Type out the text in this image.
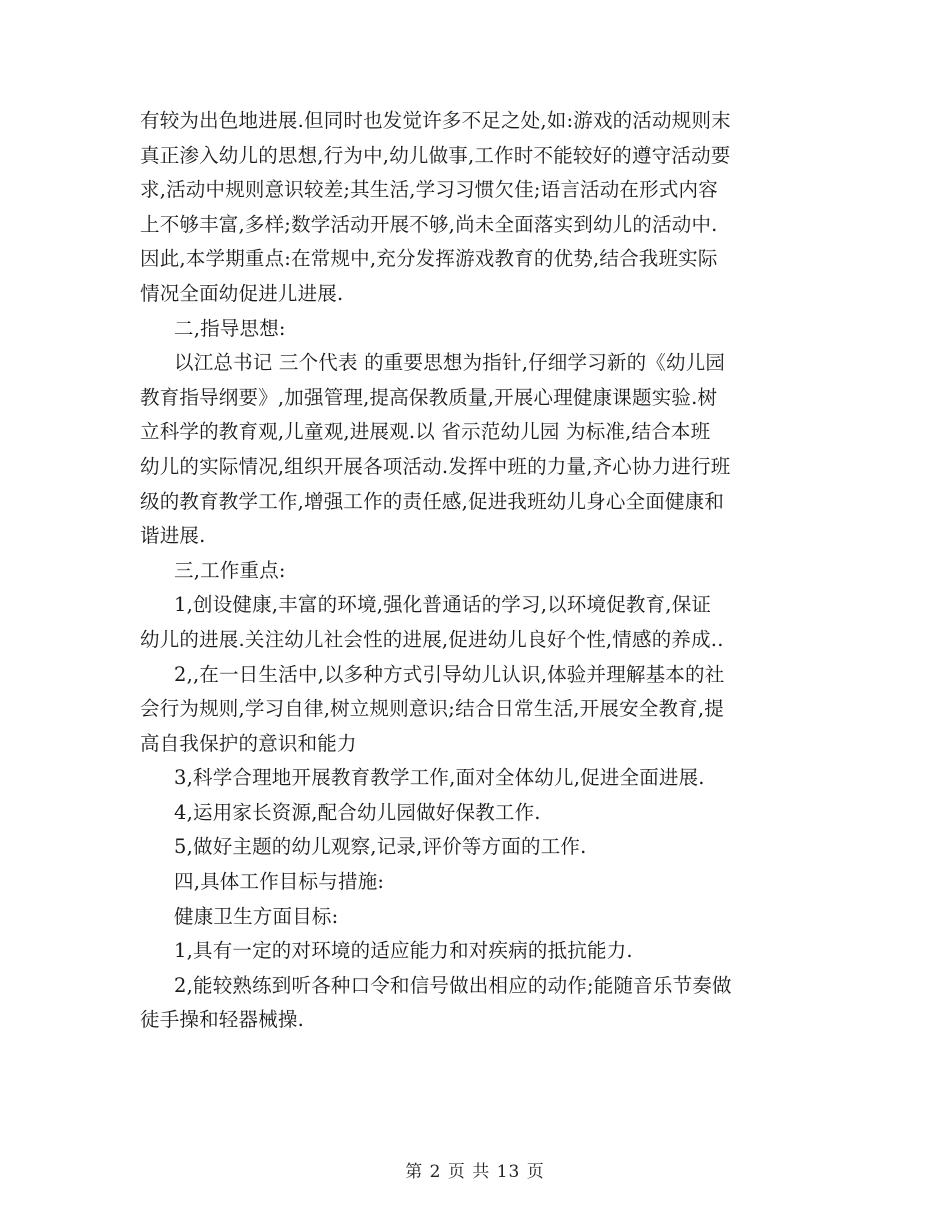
有较为出色地进展.但同时也发觉许多不足之处,如:游戏的活动规则末
真正渗入幼儿的思想,行为中,幼儿做事,工作时不能较好的遵守活动要
求,活动中规则意识较差;其生活,学习习惯欠佳;语言活动在形式内容
上不够丰富,多样;数学活动开展不够,尚未全面落实到幼儿的活动中.
因此,本学期重点:在常规中,充分发挥游戏教育的优势,结合我班实际
情况全面幼促进儿进展.
二,指导思想:
以江总书记 三个代表 的重要思想为指针,仔细学习新的《幼儿园
教育指导纲要》,加强管理,提高保教质量,开展心理健康课题实验.树
立科学的教育观,儿童观,进展观.以 省示范幼儿园 为标准,结合本班
幼儿的实际情况,组织开展各项活动.发挥中班的力量,齐心协力进行班
级的教育教学工作,增强工作的责任感,促进我班幼儿身心全面健康和
谐进展.
三,工作重点:
1,创设健康,丰富的环境,强化普通话的学习,以环境促教育,保证
幼儿的进展.关注幼儿社会性的进展,促进幼儿良好个性,情感的养成..
2,,在一日生活中,以多种方式引导幼儿认识,体验并理解基本的社
会行为规则,学习自律,树立规则意识;结合日常生活,开展安全教育,提
高自我保护的意识和能力
3,科学合理地开展教育教学工作,面对全体幼儿,促进全面进展.
4,运用家长资源,配合幼儿园做好保教工作.
5,做好主题的幼儿观察,记录,评价等方面的工作.
四,具体工作目标与措施:
健康卫生方面目标:
1,具有一定的对环境的适应能力和对疾病的抵抗能力.
2,能较熟练到听各种口令和信号做出相应的动作;能随音乐节奏做
徒手操和轻器械操.
第 2 页 共 13 页
